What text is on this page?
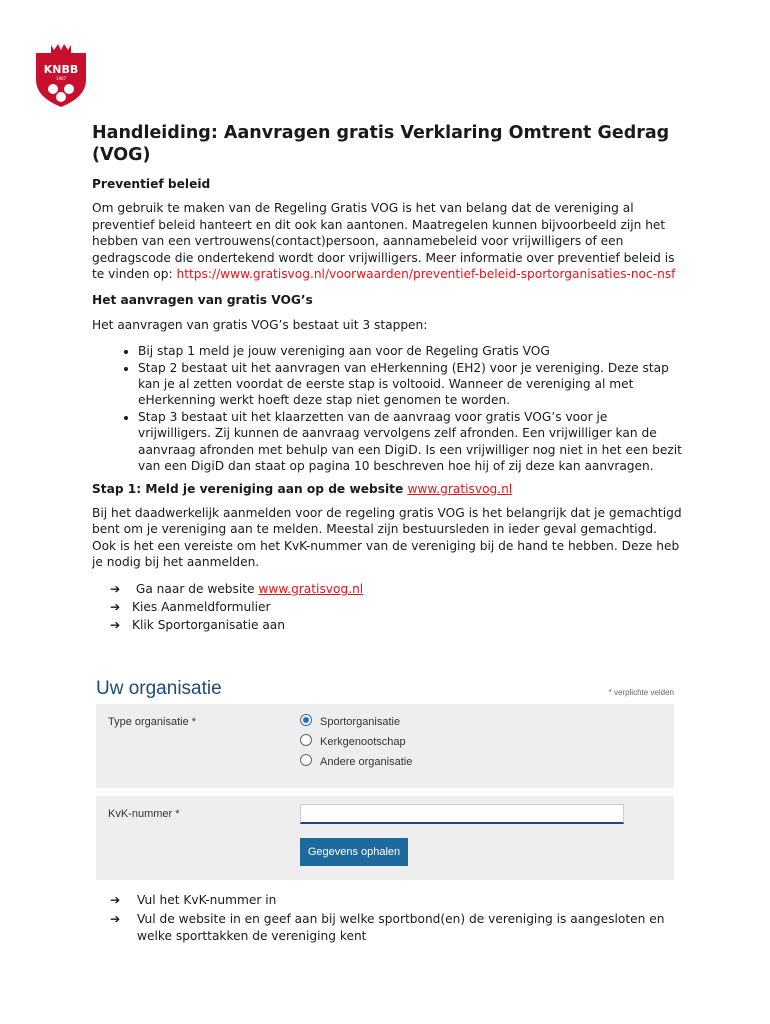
KNBB
1907
Handleiding: Aanvragen gratis Verklaring Omtrent Gedrag (VOG)
Preventief beleid

Om gebruik te maken van de Regeling Gratis VOG is het van belang dat de vereniging al preventief beleid hanteert en dit ook kan aantonen. Maatregelen kunnen bijvoorbeeld zijn het hebben van een vertrouwens(contact)persoon, aannamebeleid voor vrijwilligers of een gedragscode die ondertekend wordt door vrijwilligers. Meer informatie over preventief beleid is te vinden op: https://www.gratisvog.nl/voorwaarden/preventief-beleid-sportorganisaties-noc-nsf

Het aanvragen van gratis VOG’s

Het aanvragen van gratis VOG’s bestaat uit 3 stappen:

• Bij stap 1 meld je jouw vereniging aan voor de Regeling Gratis VOG
• Stap 2 bestaat uit het aanvragen van eHerkenning (EH2) voor je vereniging. Deze stap kan je al zetten voordat de eerste stap is voltooid. Wanneer de vereniging al met eHerkenning werkt hoeft deze stap niet genomen te worden.
• Stap 3 bestaat uit het klaarzetten van de aanvraag voor gratis VOG’s voor je vrijwilligers. Zij kunnen de aanvraag vervolgens zelf afronden. Een vrijwilliger kan de aanvraag afronden met behulp van een DigiD. Is een vrijwilliger nog niet in het een bezit van een DigiD dan staat op pagina 10 beschreven hoe hij of zij deze kan aanvragen.
Stap 1: Meld je vereniging aan op de website www.gratisvog.nl

Bij het daadwerkelijk aanmelden voor de regeling gratis VOG is het belangrijk dat je gemachtigd bent om je vereniging aan te melden. Meestal zijn bestuursleden in ieder geval gemachtigd. Ook is het een vereiste om het KvK-nummer van de vereniging bij de hand te hebben. Deze heb je nodig bij het aanmelden.

➔ Ga naar de website www.gratisvog.nl
➔ Kies Aanmeldformulier
➔ Klik Sportorganisatie aan
Uw organisatie	* verplichte velden
Type organisatie *	Sportorganisatie
Kerkgenootschap
Andere organisatie
KvK-nummer *
Gegevens ophalen
➔ Vul het KvK-nummer in
➔ Vul de website in en geef aan bij welke sportbond(en) de vereniging is aangesloten en welke sporttakken de vereniging kent
